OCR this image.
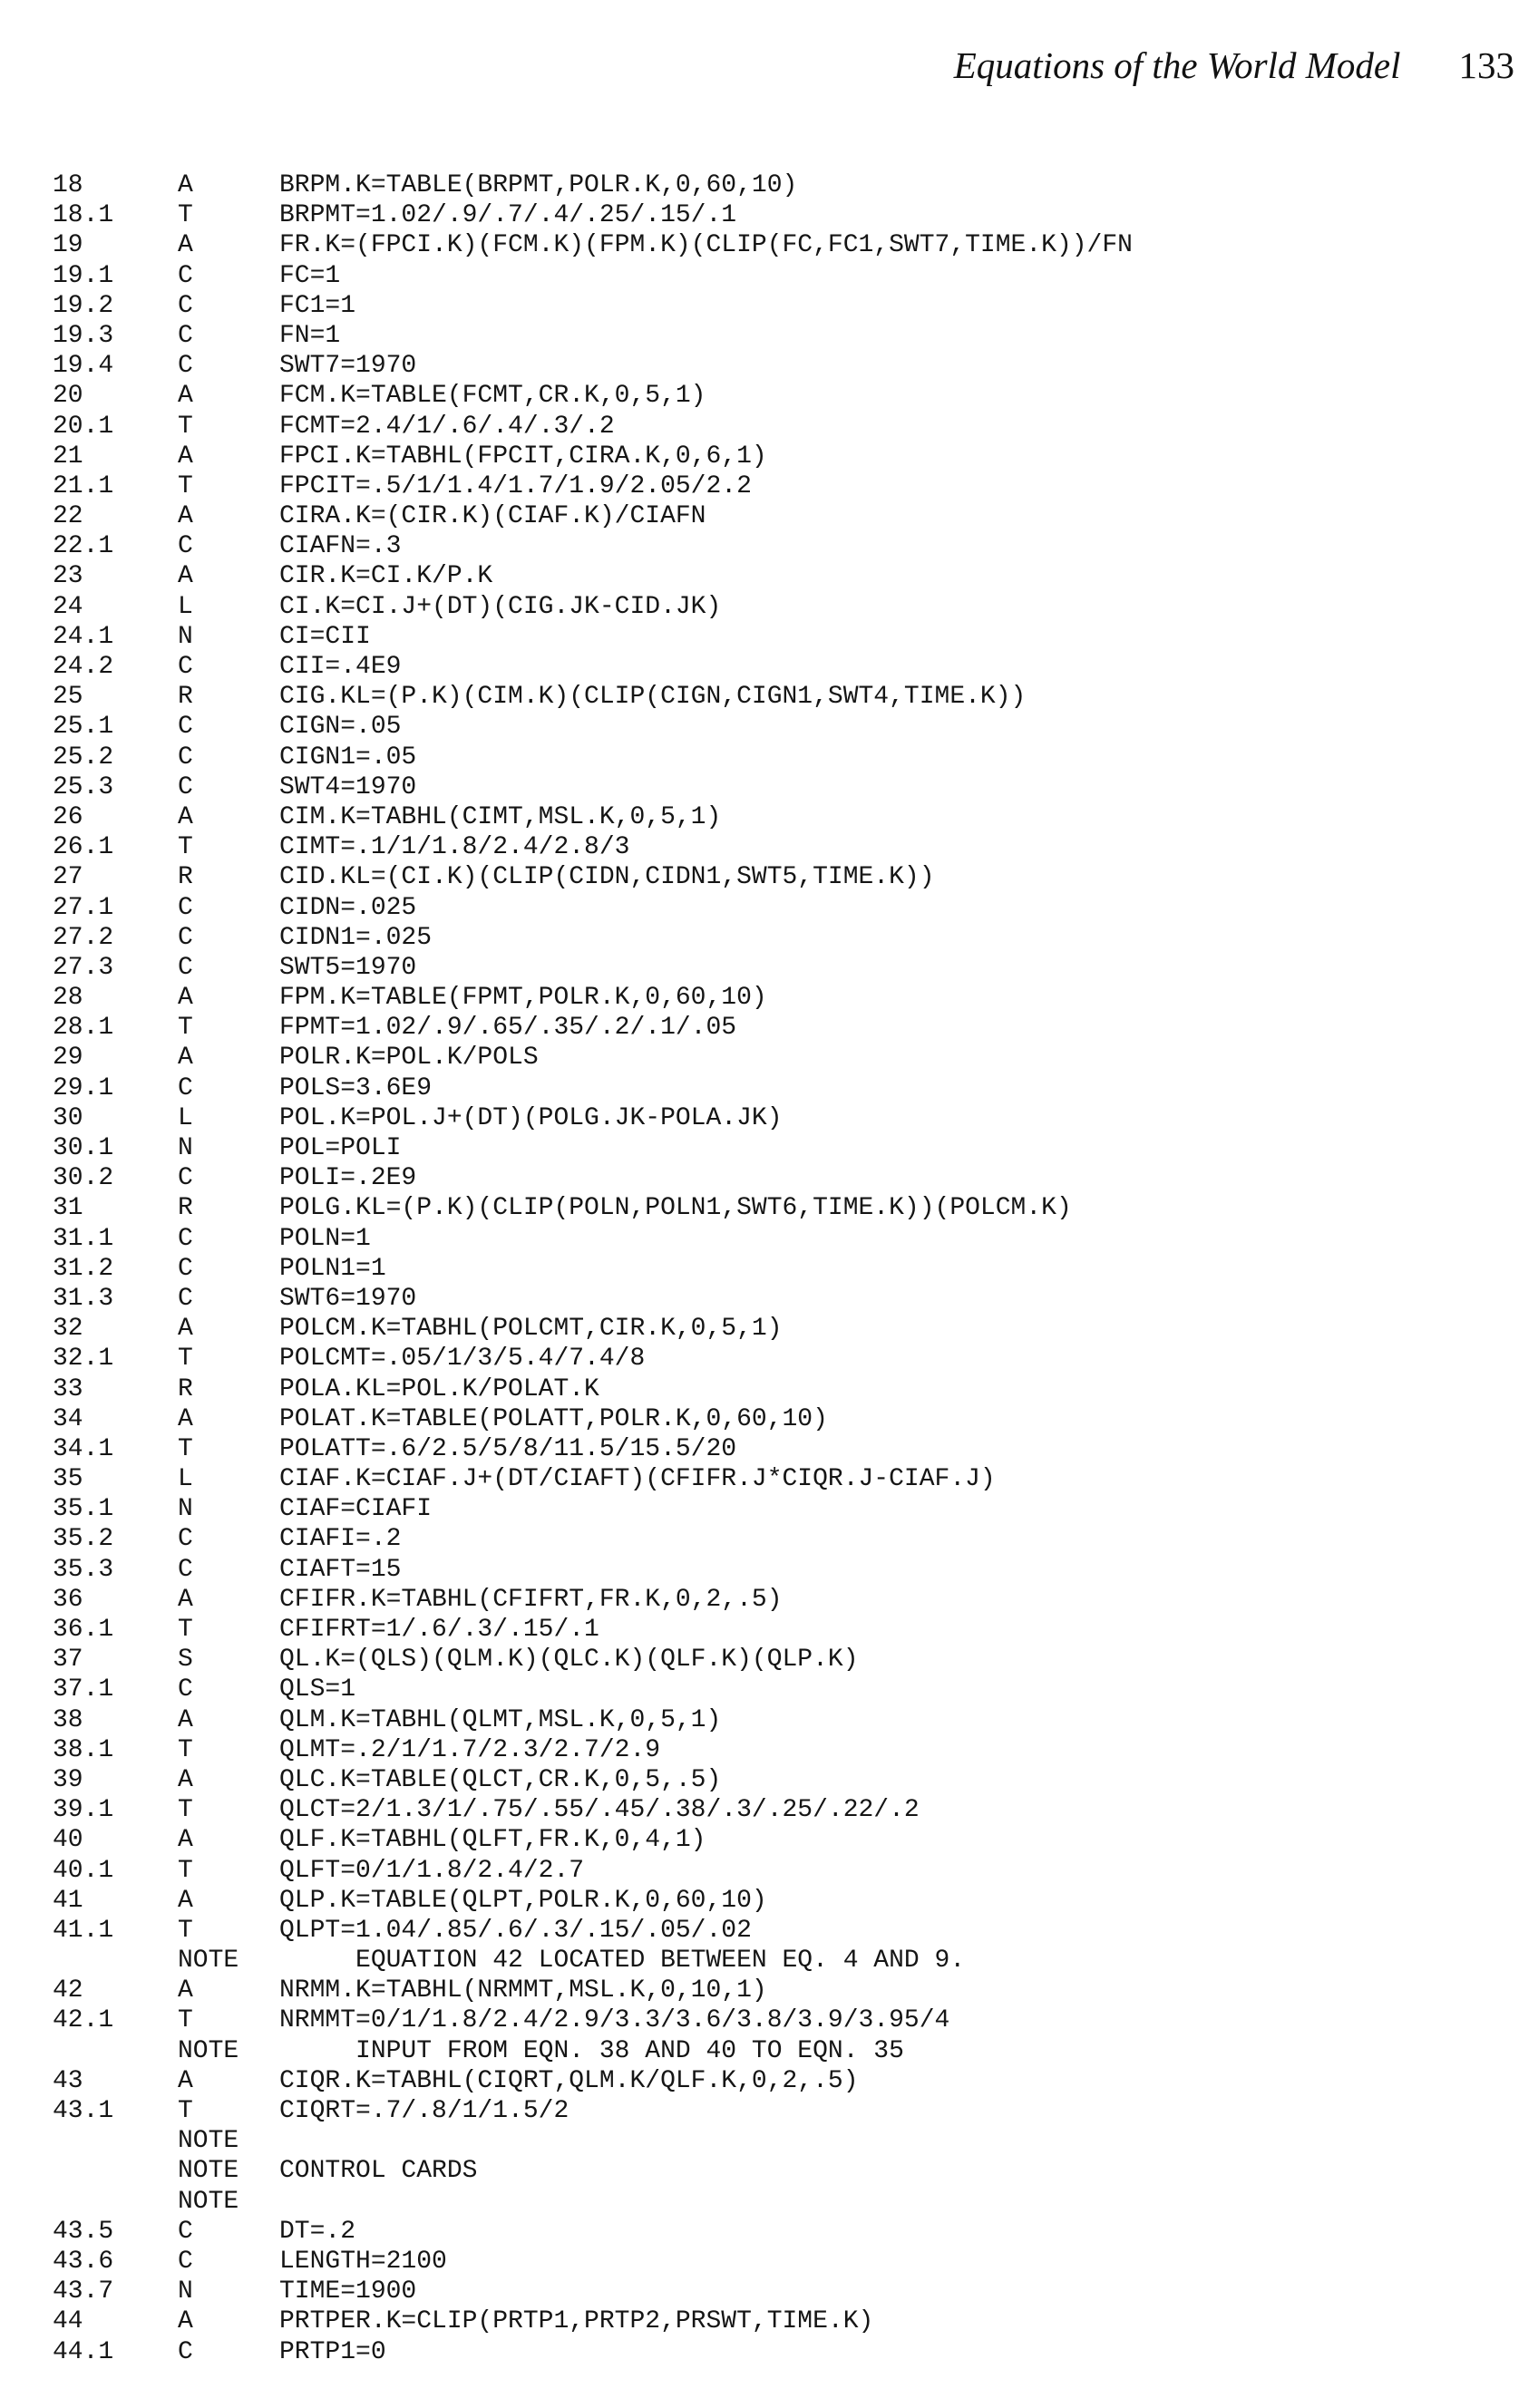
Equations of the World Model 133
18	A	BRPM.K=TABLE(BRPMT,POLR.K,0,60,10)
18.1	T	BRPMT=1.02/.9/.7/.4/.25/.15/.1
19	A	FR.K=(FPCI.K)(FCM.K)(FPM.K)(CLIP(FC,FC1,SWT7,TIME.K))/FN
19.1	C	FC=1
19.2	C	FC1=1
19.3	C	FN=1
19.4	C	SWT7=1970
20	A	FCM.K=TABLE(FCMT,CR.K,0,5,1)
20.1	T	FCMT=2.4/1/.6/.4/.3/.2
21	A	FPCI.K=TABHL(FPCIT,CIRA.K,0,6,1)
21.1	T	FPCIT=.5/1/1.4/1.7/1.9/2.05/2.2
22	A	CIRA.K=(CIR.K)(CIAF.K)/CIAFN
22.1	C	CIAFN=.3
23	A	CIR.K=CI.K/P.K
24	L	CI.K=CI.J+(DT)(CIG.JK-CID.JK)
24.1	N	CI=CII
24.2	C	CII=.4E9
25	R	CIG.KL=(P.K)(CIM.K)(CLIP(CIGN,CIGN1,SWT4,TIME.K))
25.1	C	CIGN=.05
25.2	C	CIGN1=.05
25.3	C	SWT4=1970
26	A	CIM.K=TABHL(CIMT,MSL.K,0,5,1)
26.1	T	CIMT=.1/1/1.8/2.4/2.8/3
27	R	CID.KL=(CI.K)(CLIP(CIDN,CIDN1,SWT5,TIME.K))
27.1	C	CIDN=.025
27.2	C	CIDN1=.025
27.3	C	SWT5=1970
28	A	FPM.K=TABLE(FPMT,POLR.K,0,60,10)
28.1	T	FPMT=1.02/.9/.65/.35/.2/.1/.05
29	A	POLR.K=POL.K/POLS
29.1	C	POLS=3.6E9
30	L	POL.K=POL.J+(DT)(POLG.JK-POLA.JK)
30.1	N	POL=POLI
30.2	C	POLI=.2E9
31	R	POLG.KL=(P.K)(CLIP(POLN,POLN1,SWT6,TIME.K))(POLCM.K)
31.1	C	POLN=1
31.2	C	POLN1=1
31.3	C	SWT6=1970
32	A	POLCM.K=TABHL(POLCMT,CIR.K,0,5,1)
32.1	T	POLCMT=.05/1/3/5.4/7.4/8
33	R	POLA.KL=POL.K/POLAT.K
34	A	POLAT.K=TABLE(POLATT,POLR.K,0,60,10)
34.1	T	POLATT=.6/2.5/5/8/11.5/15.5/20
35	L	CIAF.K=CIAF.J+(DT/CIAFT)(CFIFR.J*CIQR.J-CIAF.J)
35.1	N	CIAF=CIAFI
35.2	C	CIAFI=.2
35.3	C	CIAFT=15
36	A	CFIFR.K=TABHL(CFIFRT,FR.K,0,2,.5)
36.1	T	CFIFRT=1/.6/.3/.15/.1
37	S	QL.K=(QLS)(QLM.K)(QLC.K)(QLF.K)(QLP.K)
37.1	C	QLS=1
38	A	QLM.K=TABHL(QLMT,MSL.K,0,5,1)
38.1	T	QLMT=.2/1/1.7/2.3/2.7/2.9
39	A	QLC.K=TABLE(QLCT,CR.K,0,5,.5)
39.1	T	QLCT=2/1.3/1/.75/.55/.45/.38/.3/.25/.22/.2
40	A	QLF.K=TABHL(QLFT,FR.K,0,4,1)
40.1	T	QLFT=0/1/1.8/2.4/2.7
41	A	QLP.K=TABLE(QLPT,POLR.K,0,60,10)
41.1	T	QLPT=1.04/.85/.6/.3/.15/.05/.02
NOTE EQUATION 42 LOCATED BETWEEN EQ. 4 AND 9.
42	A	NRMM.K=TABHL(NRMMT,MSL.K,0,10,1)
42.1	T	NRMMT=0/1/1.8/2.4/2.9/3.3/3.6/3.8/3.9/3.95/4
NOTE INPUT FROM EQN. 38 AND 40 TO EQN. 35
43	A	CIQR.K=TABHL(CIQRT,QLM.K/QLF.K,0,2,.5)
43.1	T	CIQRT=.7/.8/1/1.5/2
NOTE
NOTE CONTROL CARDS
NOTE
43.5	C	DT=.2
43.6	C	LENGTH=2100
43.7	N	TIME=1900
44	A	PRTPER.K=CLIP(PRTP1,PRTP2,PRSWT,TIME.K)
44.1	C	PRTP1=0
